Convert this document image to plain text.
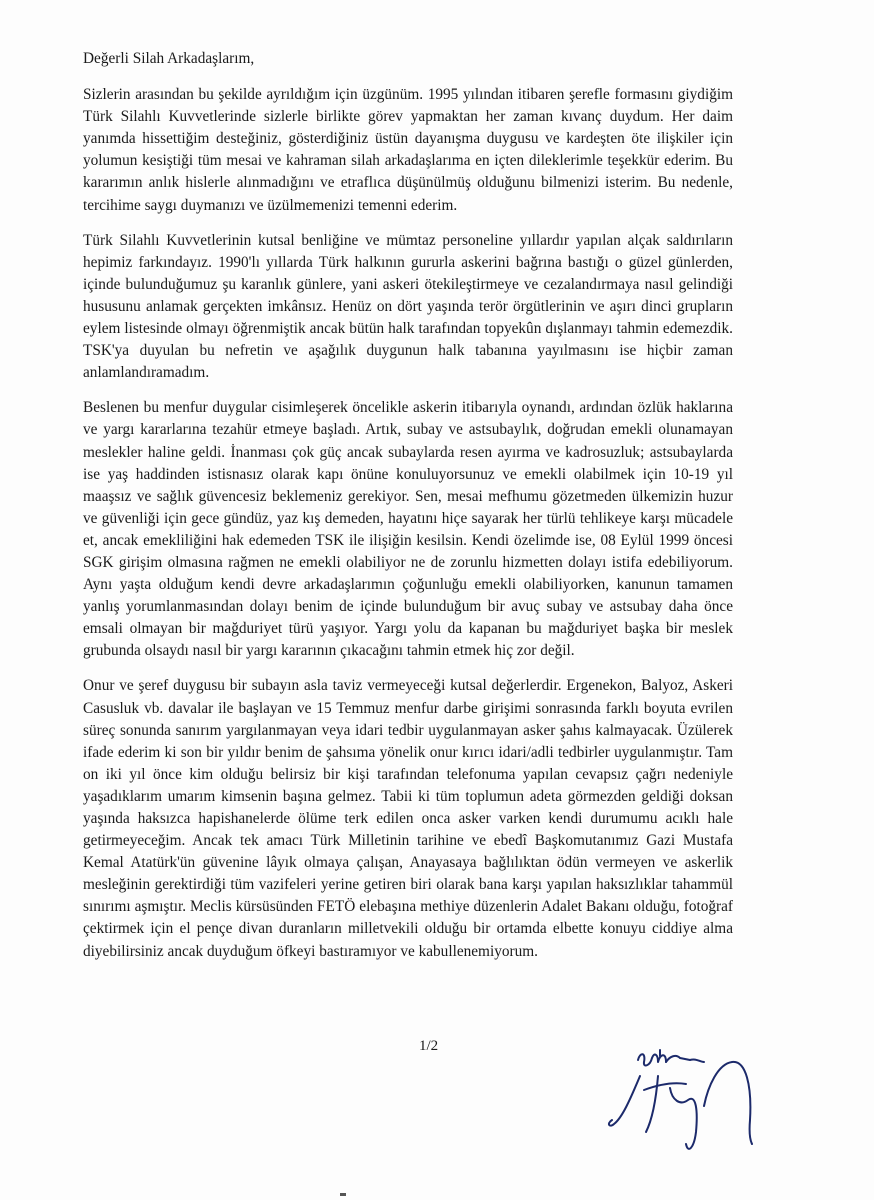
Değerli Silah Arkadaşlarım,

Sizlerin arasından bu şekilde ayrıldığım için üzgünüm. 1995 yılından itibaren şerefle formasını giydiğim Türk Silahlı Kuvvetlerinde sizlerle birlikte görev yapmaktan her zaman kıvanç duydum. Her daim yanımda hissettiğim desteğiniz, gösterdiğiniz üstün dayanışma duygusu ve kardeşten öte ilişkiler için yolumun kesiştiği tüm mesai ve kahraman silah arkadaşlarıma en içten dileklerimle teşekkür ederim. Bu kararımın anlık hislerle alınmadığını ve etraflıca düşünülmüş olduğunu bilmenizi isterim. Bu nedenle, tercihime saygı duymanızı ve üzülmemenizi temenni ederim.

Türk Silahlı Kuvvetlerinin kutsal benliğine ve mümtaz personeline yıllardır yapılan alçak saldırıların hepimiz farkındayız. 1990'lı yıllarda Türk halkının gururla askerini bağrına bastığı o güzel günlerden, içinde bulunduğumuz şu karanlık günlere, yani askeri ötekileştirmeye ve cezalandırmaya nasıl gelindiği hususunu anlamak gerçekten imkânsız. Henüz on dört yaşında terör örgütlerinin ve aşırı dinci grupların eylem listesinde olmayı öğrenmiştik ancak bütün halk tarafından topyekûn dışlanmayı tahmin edemezdik. TSK'ya duyulan bu nefretin ve aşağılık duygunun halk tabanına yayılmasını ise hiçbir zaman anlamlandıramadım.

Beslenen bu menfur duygular cisimleşerek öncelikle askerin itibarıyla oynandı, ardından özlük haklarına ve yargı kararlarına tezahür etmeye başladı. Artık, subay ve astsubaylık, doğrudan emekli olunamayan meslekler haline geldi. İnanması çok güç ancak subaylarda resen ayırma ve kadrosuzluk; astsubaylarda ise yaş haddinden istisnasız olarak kapı önüne konuluyorsunuz ve emekli olabilmek için 10-19 yıl maaşsız ve sağlık güvencesiz beklemeniz gerekiyor. Sen, mesai mefhumu gözetmeden ülkemizin huzur ve güvenliği için gece gündüz, yaz kış demeden, hayatını hiçe sayarak her türlü tehlikeye karşı mücadele et, ancak emekliliğini hak edemeden TSK ile ilişiğin kesilsin. Kendi özelimde ise, 08 Eylül 1999 öncesi SGK girişim olmasına rağmen ne emekli olabiliyor ne de zorunlu hizmetten dolayı istifa edebiliyorum. Aynı yaşta olduğum kendi devre arkadaşlarımın çoğunluğu emekli olabiliyorken, kanunun tamamen yanlış yorumlanmasından dolayı benim de içinde bulunduğum bir avuç subay ve astsubay daha önce emsali olmayan bir mağduriyet türü yaşıyor. Yargı yolu da kapanan bu mağduriyet başka bir meslek grubunda olsaydı nasıl bir yargı kararının çıkacağını tahmin etmek hiç zor değil.

Onur ve şeref duygusu bir subayın asla taviz vermeyeceği kutsal değerlerdir. Ergenekon, Balyoz, Askeri Casusluk vb. davalar ile başlayan ve 15 Temmuz menfur darbe girişimi sonrasında farklı boyuta evrilen süreç sonunda sanırım yargılanmayan veya idari tedbir uygulanmayan asker şahıs kalmayacak. Üzülerek ifade ederim ki son bir yıldır benim de şahsıma yönelik onur kırıcı idari/adli tedbirler uygulanmıştır. Tam on iki yıl önce kim olduğu belirsiz bir kişi tarafından telefonuma yapılan cevapsız çağrı nedeniyle yaşadıklarım umarım kimsenin başına gelmez. Tabii ki tüm toplumun adeta görmezden geldiği doksan yaşında haksızca hapishanelerde ölüme terk edilen onca asker varken kendi durumumu acıklı hale getirmeyeceğim. Ancak tek amacı Türk Milletinin tarihine ve ebedî Başkomutanımız Gazi Mustafa Kemal Atatürk'ün güvenine lâyık olmaya çalışan, Anayasaya bağlılıktan ödün vermeyen ve askerlik mesleğinin gerektirdiği tüm vazifeleri yerine getiren biri olarak bana karşı yapılan haksızlıklar tahammül sınırımı aşmıştır. Meclis kürsüsünden FETÖ elebaşına methiye düzenlerin Adalet Bakanı olduğu, fotoğraf çektirmek için el pençe divan duranların milletvekili olduğu bir ortamda elbette konuyu ciddiye alma diyebilirsiniz ancak duyduğum öfkeyi bastıramıyor ve kabullenemiyorum.

1/2
